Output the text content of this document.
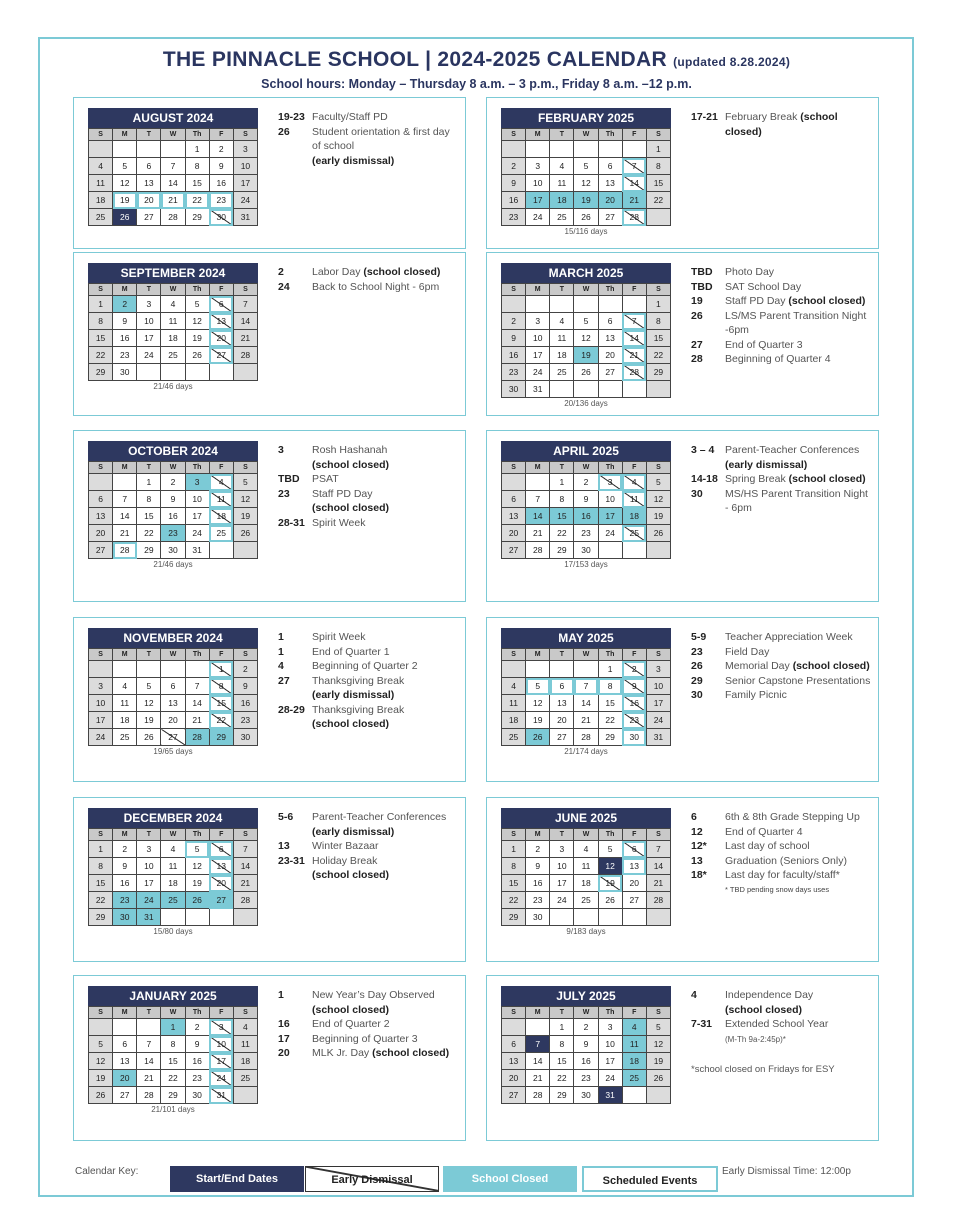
THE PINNACLE SCHOOL | 2024-2025 CALENDAR (updated 8.28.2024)
School hours: Monday – Thursday 8 a.m. – 3 p.m., Friday 8 a.m. –12 p.m.
AUGUST 2024
S	M	T	W	Th	F	S
				1	2	3
4	5	6	7	8	9	10
11	12	13	14	15	16	17
18	19	20	21	22	23	24
25	26	27	28	29	30	31
19-23 Faculty/Staff PD
26	Student orientation & first day of school
(early dismissal)
SEPTEMBER 2024
S	M	T	W	Th	F	S
1	2	3	4	5	6	7
8	9	10	11	12	13	14
15	16	17	18	19	20	21
22	23	24	25	26	27	28
29	30					
21/46 days
2	Labor Day (school closed)
24	Back to School Night - 6pm
OCTOBER 2024
S	M	T	W	Th	F	S
		1	2	3	4	5
6	7	8	9	10	11	12
13	14	15	16	17	18	19
20	21	22	23	24	25	26
27	28	29	30	31		
21/46 days
3	Rosh Hashanah
(school closed)
TBD	PSAT
23	Staff PD Day
(school closed)
28-31 Spirit Week
NOVEMBER 2024
S	M	T	W	Th	F	S
					1	2
3	4	5	6	7	8	9
10	11	12	13	14	15	16
17	18	19	20	21	22	23
24	25	26	27	28	29	30
19/65 days
1	Spirit Week
1	End of Quarter 1
4	Beginning of Quarter 2
27	Thanksgiving Break
(early dismissal)
28-29 Thanksgiving Break
(school closed)
DECEMBER 2024
S	M	T	W	Th	F	S
1	2	3	4	5	6	7
8	9	10	11	12	13	14
15	16	17	18	19	20	21
22	23	24	25	26	27	28
29	30	31				
15/80 days
5-6	Parent-Teacher Conferences (early dismissal)
13	Winter Bazaar
23-31 Holiday Break
(school closed)
JANUARY 2025
S	M	T	W	Th	F	S
			1	2	3	4
5	6	7	8	9	10	11
12	13	14	15	16	17	18
19	20	21	22	23	24	25
26	27	28	29	30	31	
21/101 days
1	New Year’s Day Observed
(school closed)
16	End of Quarter 2
17	Beginning of Quarter 3
20	MLK Jr. Day (school closed)
FEBRUARY 2025
S	M	T	W	Th	F	S
						1
2	3	4	5	6	7	8
9	10	11	12	13	14	15
16	17	18	19	20	21	22
23	24	25	26	27	28	
15/116 days
17-21 February Break (school closed)
MARCH 2025
S	M	T	W	Th	F	S
						1
2	3	4	5	6	7	8
9	10	11	12	13	14	15
16	17	18	19	20	21	22
23	24	25	26	27	28	29
30	31					
20/136 days
TBD	Photo Day
TBD	SAT School Day
19	Staff PD Day (school closed)
26	LS/MS Parent Transition Night -6pm
27	End of Quarter 3
28	Beginning of Quarter 4
APRIL 2025
S	M	T	W	Th	F	S
		1	2	3	4	5
6	7	8	9	10	11	12
13	14	15	16	17	18	19
20	21	22	23	24	25	26
27	28	29	30			
17/153 days
3 – 4	Parent-Teacher Conferences (early dismissal)
14-18 Spring Break (school closed)
30	MS/HS Parent Transition Night - 6pm
MAY 2025
S	M	T	W	Th	F	S
				1	2	3
4	5	6	7	8	9	10
11	12	13	14	15	16	17
18	19	20	21	22	23	24
25	26	27	28	29	30	31
21/174 days
5-9	Teacher Appreciation Week
23	Field Day
26	Memorial Day (school closed)
29	Senior Capstone Presentations
30	Family Picnic
JUNE 2025
S	M	T	W	Th	F	S
1	2	3	4	5	6	7
8	9	10	11	12	13	14
15	16	17	18	19	20	21
22	23	24	25	26	27	28
29	30					
9/183 days
6	6th & 8th Grade Stepping Up
12	End of Quarter 4
12*	Last day of school
13	Graduation (Seniors Only)
18*	Last day for faculty/staff*
* TBD pending snow days uses
JULY 2025
S	M	T	W	Th	F	S
		1	2	3	4	5
6	7	8	9	10	11	12
13	14	15	16	17	18	19
20	21	22	23	24	25	26
27	28	29	30	31		
4	Independence Day
(school closed)
7-31	Extended School Year
(M-Th 9a-2:45p)*
*school closed on Fridays for ESY
Calendar Key:
Start/End Dates	Early Dismissal	School Closed	Scheduled Events
Early Dismissal Time: 12:00p
